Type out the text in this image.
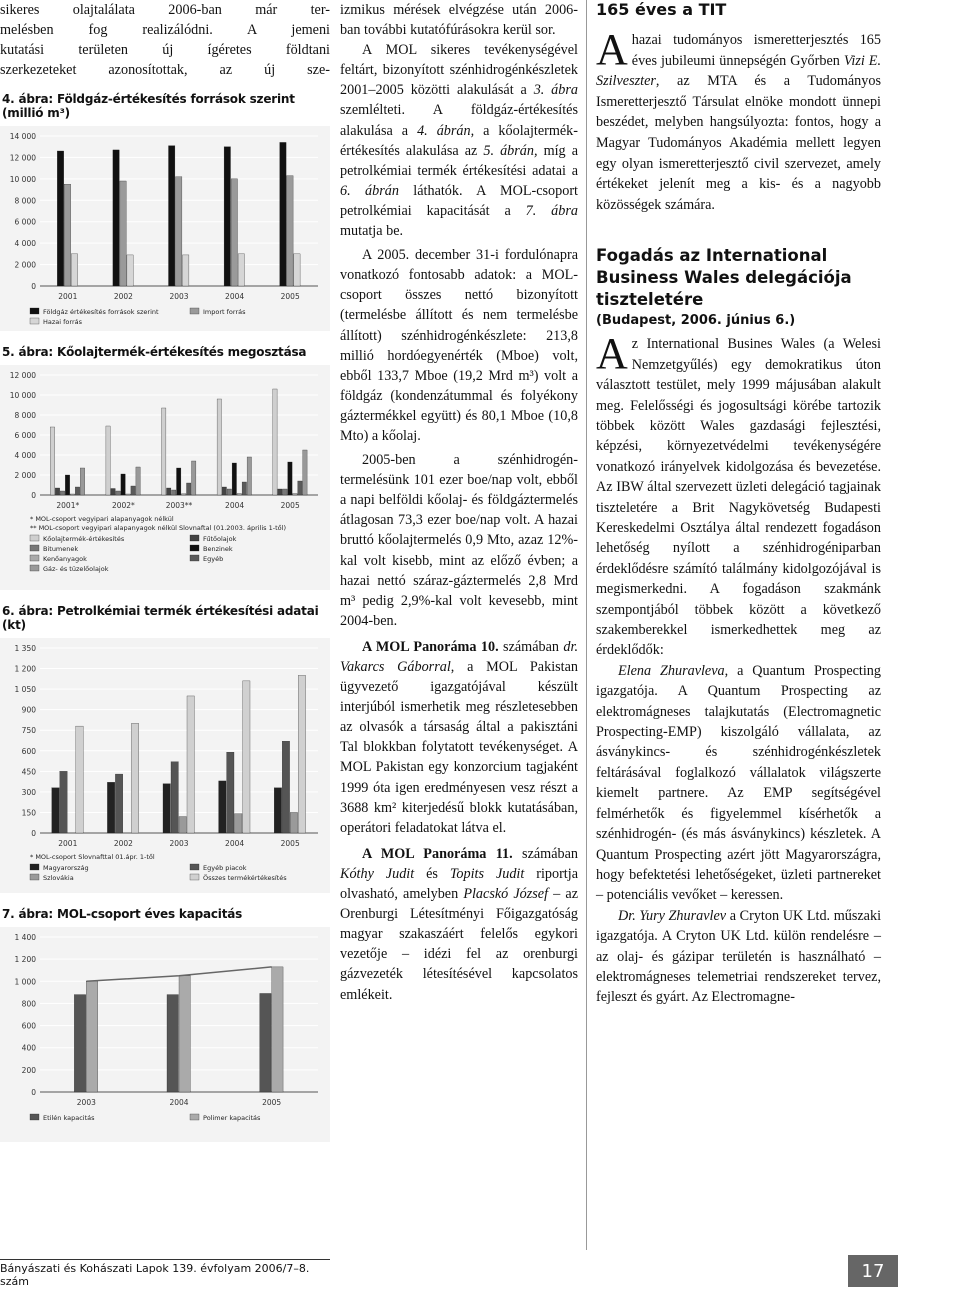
sikeres olajtalálata 2006-ban már ter-
melésben fog realizálódni. A jemeni
kutatási területen új ígéretes földtani
szerkezeteket azonosítottak, az új sze-
4. ábra: Földgáz-értékesítés források szerint (millió m³)
14 000
12 000
10 000
8 000
6 000
4 000
2 000
0
2001	2002	2003	2004	2005
Földgáz értékesítés források szerint	Import forrás
Hazai forrás
5. ábra: Kőolajtermék-értékesítés megosztása
12 000
10 000
8 000
6 000
4 000
2 000
0
2001*	2002*	2003**	2004	2005
* MOL-csoport vegyipari alapanyagok nélkül
** MOL-csoport vegyipari alapanyagok nélkül Slovnaftal (01.2003. április 1-től)
Kőolajtermék-értékesítés	Fűtőolajok
Bitumenek	Benzinek
Kenőanyagok	Egyéb
Gáz- és tüzelőolajok
6. ábra: Petrolkémiai termék értékesítési adatai (kt)
1 350
1 200
1 050
900
750
600
450
300
150
0
2001	2002	2003	2004	2005
* MOL-csoport Slovnafttal 01.ápr. 1-től
Magyarország	Egyéb piacok
Szlovákia	Összes termékértékesítés
7. ábra: MOL-csoport éves kapacitás
1 400
1 200
1 000
800
600
400
200
0
2003	2004	2005
Etilén kapacitás	Polimer kapacitás
Bányászati és Kohászati Lapok 139. évfolyam 2006/7–8. szám

izmikus mérések elvégzése után 2006-ban további kutatófúrásokra kerül sor.

A MOL sikeres tevékenységével feltárt, bizonyított szénhidrogénkészletek 2001–2005 közötti alakulását a 3. ábra szemlélteti. A földgáz-értékesítés alakulása a 4. ábrán, a kőolajtermék-értékesítés alakulása az 5. ábrán, míg a petrolkémiai termék értékesítési adatai a 6. ábrán láthatók. A MOL-csoport petrolkémiai kapacitását a 7. ábra mutatja be.

A 2005. december 31-i fordulónapra vonatkozó fontosabb adatok: a MOL-csoport összes nettó bizonyított (termelésbe állított és nem termelésbe állított) szénhidrogénkészlete: 213,8 millió hordóegyenérték (Mboe) volt, ebből 133,7 Mboe (19,2 Mrd m³) volt a földgáz (kondenzátummal és folyékony gáztermékkel együtt) és 80,1 Mboe (10,8 Mto) a kőolaj.

2005-ben a szénhidrogén-termelésünk 101 ezer boe/nap volt, ebből a napi belföldi kőolaj- és földgáztermelés átlagosan 73,3 ezer boe/nap volt. A hazai bruttó kőolajtermelés 0,9 Mto, azaz 12%-kal volt kisebb, mint az előző évben; a hazai nettó száraz-gáztermelés 2,8 Mrd m³ pedig 2,9%-kal volt kevesebb, mint 2004-ben.

A MOL Panoráma 10. számában dr. Vakarcs Gáborral, a MOL Pakistan ügyvezető igazgatójával készült interjúból ismerhetik meg részletesebben az olvasók a társaság által a pakisztáni Tal blokkban folytatott tevékenységet. A MOL Pakistan egy konzorcium tagjaként 1999 óta igen eredményesen vesz részt a 3688 km² kiterjedésű blokk kutatásában, operátori feladatokat látva el.

A MOL Panoráma 11. számában Kóthy Judit és Topits Judit riportja olvasható, amelyben Placskó József – az Orenburgi Létesítményi Főigazgatóság magyar szakaszáért felelős egykori vezetője – idézi fel az orenburgi gázvezeték létesítésével kapcsolatos emlékeit.

165 éves a TIT
Ahazai tudományos ismeretterjesztés 165 éves jubileumi ünnepségén Győrben Vizi E. Szilveszter, az MTA és a Tudományos Ismeretterjesztő Társulat elnöke mondott ünnepi beszédet, melyben hangsúlyozta: fontos, hogy a Magyar Tudományos Akadémia mellett legyen egy olyan ismeretterjesztő civil szervezet, amely értékeket jelenít meg a kis- és a nagyobb közösségek számára.
Fogadás az International Business Wales delegációja tiszteletére
(Budapest, 2006. június 6.)

Az International Busines Wales (a Welesi Nemzetgyűlés) egy demokratikus úton választott testület, mely 1999 májusában alakult meg. Felelősségi és jogosultsági körébe tartozik többek között Wales gazdasági fejlesztési, képzési, környezetvédelmi tevékenységére vonatkozó irányelvek kidolgozása és bevezetése. Az IBW által szervezett üzleti delegáció tagjainak tiszteletére a Brit Nagykövetség Budapesti Kereskedelmi Osztálya által rendezett fogadáson lehetőség nyílott a szénhidrogéniparban érdeklődésre számító találmány kidolgozójával is megismerkedni. A fogadáson szakmánk szempontjából többek között a következő szakemberekkel ismerkedhettek meg az érdeklődők:

Elena Zhuravleva, a Quantum Prospecting igazgatója. A Quantum Prospecting az elektromágneses talajkutatás (Electromagnetic Prospecting-EMP) kiszolgáló vállalata, az ásványkincs- és szénhidrogénkészletek feltárásával foglalkozó vállalatok világszerte kiemelt partnere. Az EMP segítségével felmérhetők és figyelemmel kísérhetők a szénhidrogén- (és más ásványkincs) készletek. A Quantum Prospecting azért jött Magyarországra, hogy befektetési lehetőségeket, üzleti partnereket – potenciális vevőket – keressen.

Dr. Yury Zhuravlev a Cryton UK Ltd. műszaki igazgatója. A Cryton UK Ltd. külön rendelésre – az olaj- és gázipar területén is használható – elektromágneses telemetriai rendszereket tervez, fejleszt és gyárt. Az Electromagne-

17
